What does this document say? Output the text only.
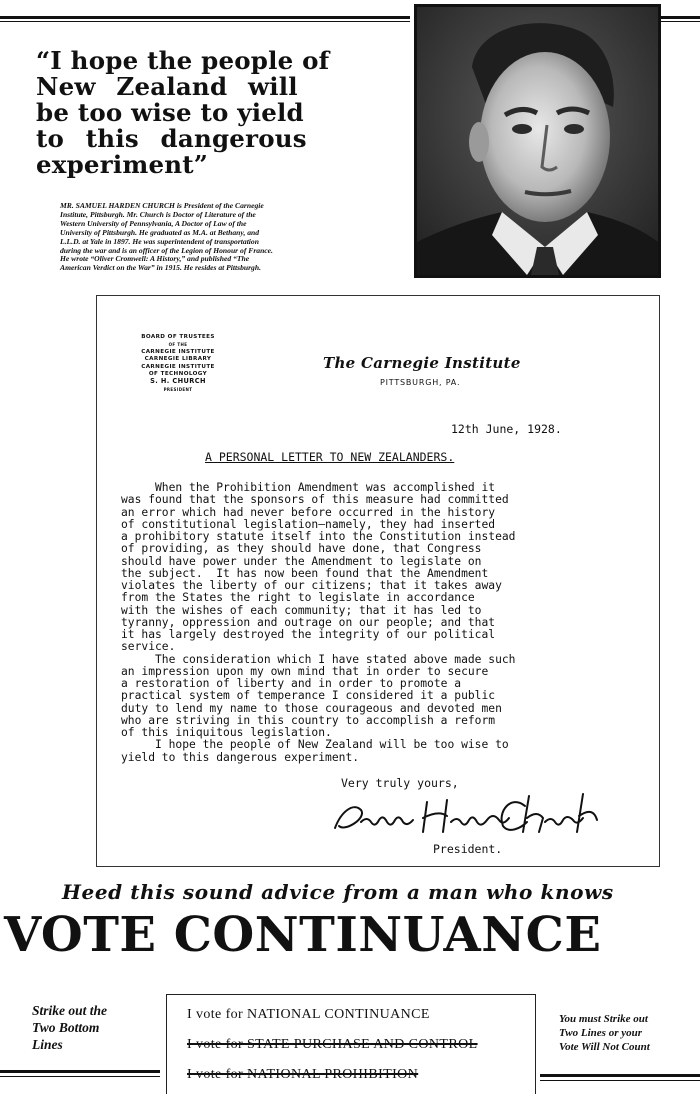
“I hope the people of
New Zealand will
be too wise to yield
to this dangerous
experiment”
MR. SAMUEL HARDEN CHURCH is President of the Carnegie
Institute, Pittsburgh. Mr. Church is Doctor of Literature of the
Western University of Pennsylvania, A Doctor of Law of the
University of Pittsburgh. He graduated as M.A. at Bethany, and
L.L.D. at Yale in 1897. He was superintendent of transportation
during the war and is an officer of the Legion of Honour of France.
He wrote “Oliver Cromwell: A History,” and published “The
American Verdict on the War” in 1915. He resides at Pittsburgh.
BOARD OF TRUSTEES
OF THE
CARNEGIE INSTITUTE
CARNEGIE LIBRARY
CARNEGIE INSTITUTE
OF TECHNOLOGY
S. H. CHURCH
PRESIDENT
The Carnegie Institute
PITTSBURGH, PA.
12th June, 1928.
A PERSONAL LETTER TO NEW ZEALANDERS.
When the Prohibition Amendment was accomplished it
was found that the sponsors of this measure had committed
an error which had never before occurred in the history
of constitutional legislation—namely, they had inserted
a prohibitory statute itself into the Constitution instead
of providing, as they should have done, that Congress
should have power under the Amendment to legislate on
the subject.  It has now been found that the Amendment
violates the liberty of our citizens; that it takes away
from the States the right to legislate in accordance
with the wishes of each community; that it has led to
tyranny, oppression and outrage on our people; and that
it has largely destroyed the integrity of our political
service.
The consideration which I have stated above made such
an impression upon my own mind that in order to secure
a restoration of liberty and in order to promote a
practical system of temperance I considered it a public
duty to lend my name to those courageous and devoted men
who are striving in this country to accomplish a reform
of this iniquitous legislation.
I hope the people of New Zealand will be too wise to
yield to this dangerous experiment.
Very truly yours,
President.
Heed this sound advice from a man who knows
VOTE CONTINUANCE
Strike out the
Two Bottom
Lines
I vote for NATIONAL CONTINUANCE
I vote for STATE PURCHASE AND CONTROL
I vote for NATIONAL PROHIBITION
You must Strike out
Two Lines or your
Vote Will Not Count
